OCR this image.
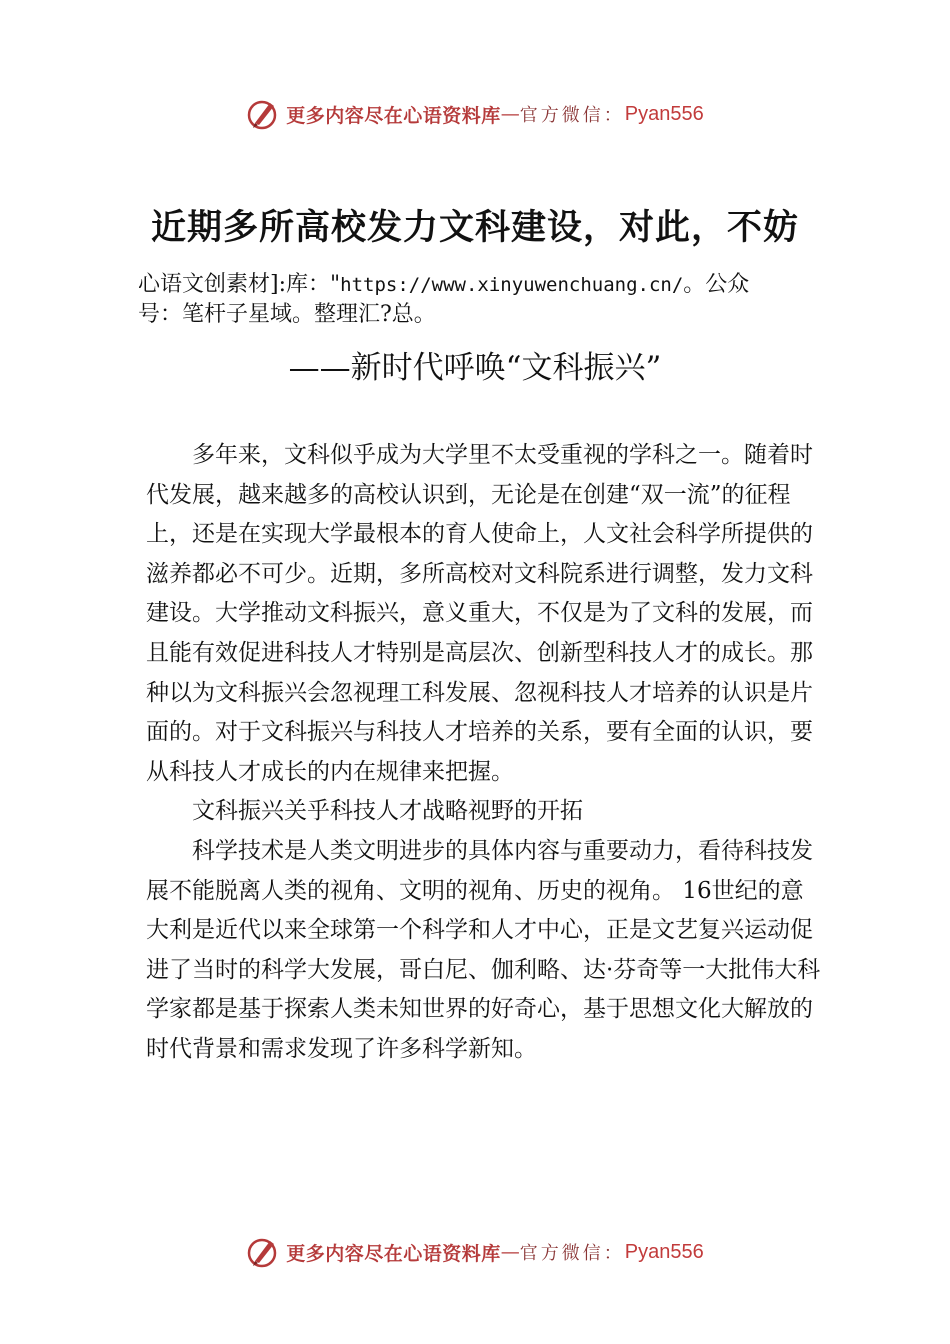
更多内容尽在心语资料库 — 官方微信： Pyan556
近期多所高校发力文科建设，对此，不妨
心语文创素材]:库："https://www.xinyuwenchuang.cn/。公众
号：笔杆子星域。整理汇?总。
——新时代呼唤“文科振兴”

多年来，文科似乎成为大学里不太受重视的学科之一。随着时代发展，越来越多的高校认识到，无论是在创建“双一流”的征程上，还是在实现大学最根本的育人使命上，人文社会科学所提供的滋养都必不可少。近期，多所高校对文科院系进行调整，发力文科建设。大学推动文科振兴，意义重大，不仅是为了文科的发展，而且能有效促进科技人才特别是高层次、创新型科技人才的成长。那种以为文科振兴会忽视理工科发展、忽视科技人才培养的认识是片面的。对于文科振兴与科技人才培养的关系，要有全面的认识，要从科技人才成长的内在规律来把握。

文科振兴关乎科技人才战略视野的开拓

科学技术是人类文明进步的具体内容与重要动力，看待科技发展不能脱离人类的视角、文明的视角、历史的视角。 16世纪的意大利是近代以来全球第一个科学和人才中心，正是文艺复兴运动促进了当时的科学大发展，哥白尼、伽利略、达·芬奇等一大批伟大科学家都是基于探索人类未知世界的好奇心，基于思想文化大解放的时代背景和需求发现了许多科学新知。

更多内容尽在心语资料库 — 官方微信： Pyan556
